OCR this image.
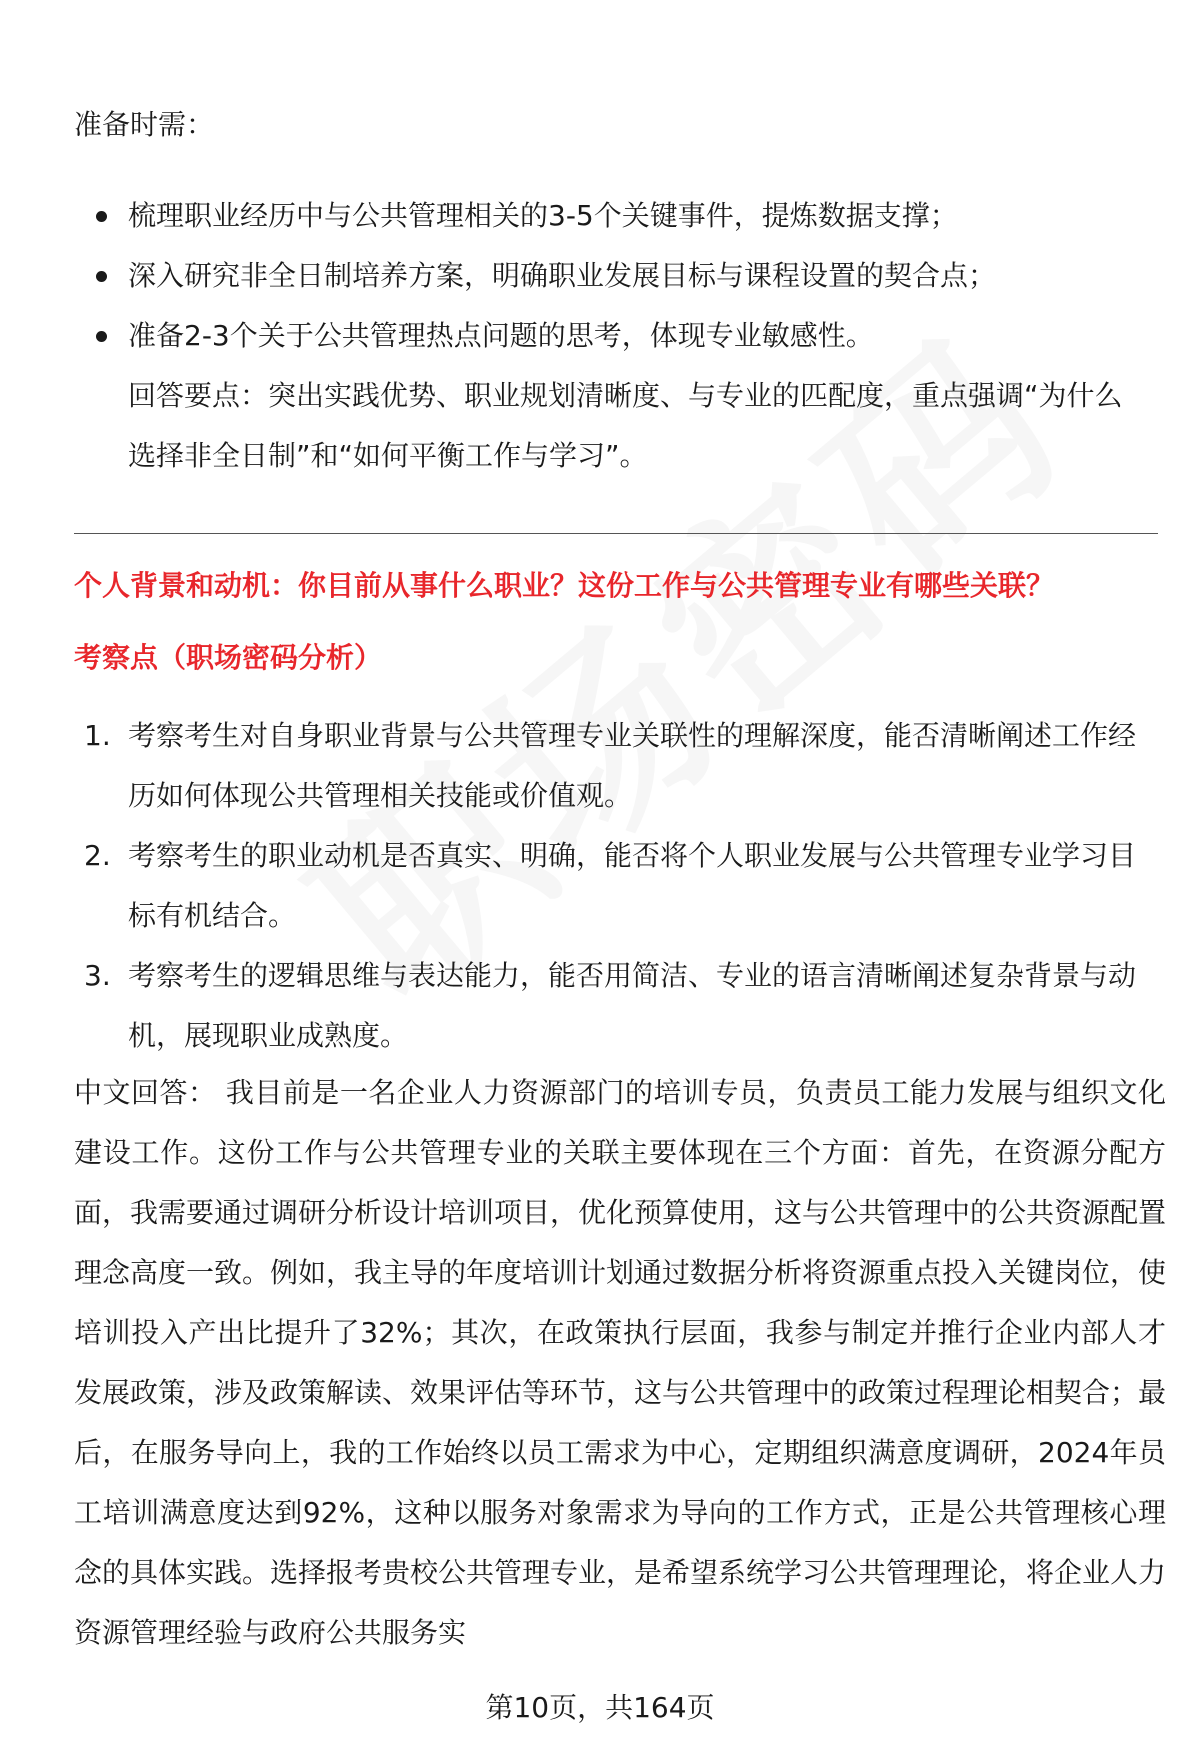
准备时需：
梳理职业经历中与公共管理相关的3-5个关键事件，提炼数据支撑；
深入研究非全日制培养方案，明确职业发展目标与课程设置的契合点；
准备2-3个关于公共管理热点问题的思考，体现专业敏感性。
回答要点：突出实践优势、职业规划清晰度、与专业的匹配度，重点强调“为什么选择非全日制”和“如何平衡工作与学习”。
个人背景和动机：你目前从事什么职业？这份工作与公共管理专业有哪些关联？
考察点（职场密码分析）
1. 考察考生对自身职业背景与公共管理专业关联性的理解深度，能否清晰阐述工作经历如何体现公共管理相关技能或价值观。
2. 考察考生的职业动机是否真实、明确，能否将个人职业发展与公共管理专业学习目标有机结合。
3. 考察考生的逻辑思维与表达能力，能否用简洁、专业的语言清晰阐述复杂背景与动机，展现职业成熟度。
中文回答： 我目前是一名企业人力资源部门的培训专员，负责员工能力发展与组织文化建设工作。这份工作与公共管理专业的关联主要体现在三个方面：首先，在资源分配方面，我需要通过调研分析设计培训项目，优化预算使用，这与公共管理中的公共资源配置理念高度一致。例如，我主导的年度培训计划通过数据分析将资源重点投入关键岗位，使培训投入产出比提升了32%；其次，在政策执行层面，我参与制定并推行企业内部人才发展政策，涉及政策解读、效果评估等环节，这与公共管理中的政策过程理论相契合；最后，在服务导向上，我的工作始终以员工需求为中心，定期组织满意度调研，2024年员工培训满意度达到92%，这种以服务对象需求为导向的工作方式，正是公共管理核心理念的具体实践。选择报考贵校公共管理专业，是希望系统学习公共管理理论，将企业人力资源管理经验与政府公共服务实
第10页，共164页
